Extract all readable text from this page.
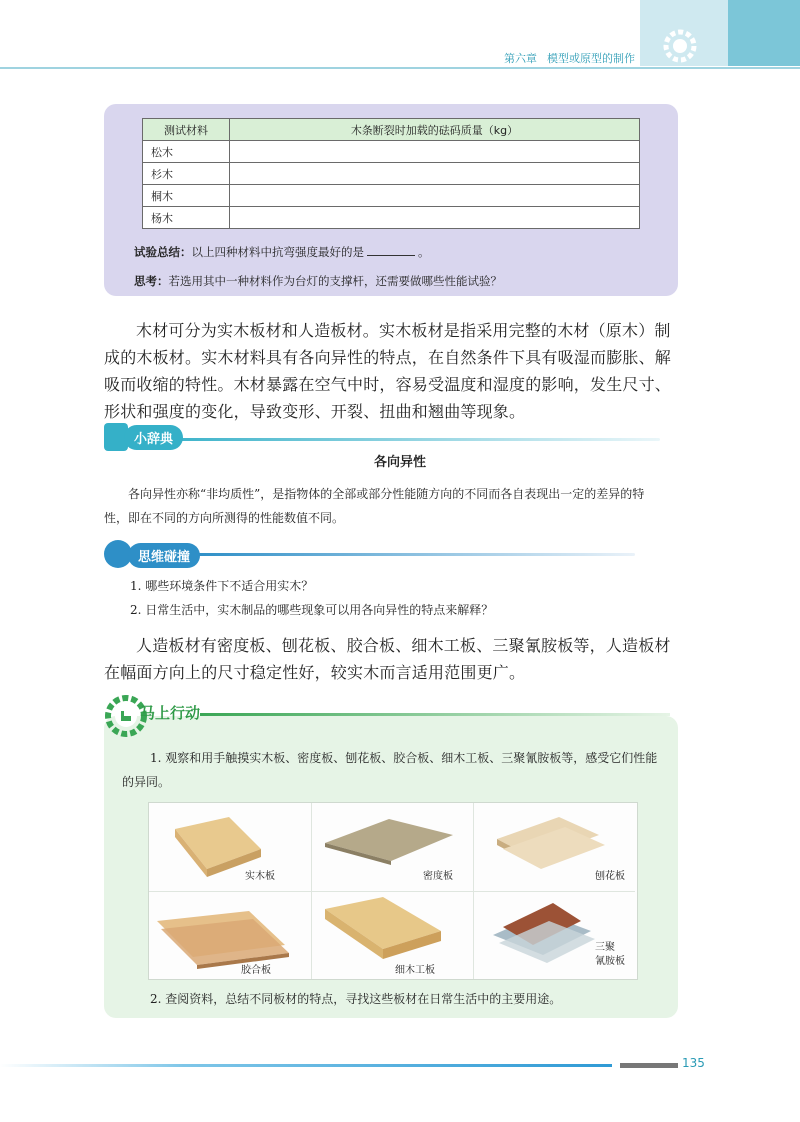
第六章 模型或原型的制作
测试材料	木条断裂时加载的砝码质量（kg）
松木	
杉木	
桐木	
杨木	
试验总结：以上四种材料中抗弯强度最好的是	。
思考：若选用其中一种材料作为台灯的支撑杆，还需要做哪些性能试验？
木材可分为实木板材和人造板材。实木板材是指采用完整的木材（原木）制成的木板材。实木材料具有各向异性的特点，在自然条件下具有吸湿而膨胀、解吸而收缩的特性。木材暴露在空气中时，容易受温度和湿度的影响，发生尺寸、形状和强度的变化，导致变形、开裂、扭曲和翘曲等现象。
小辞典
各向异性
各向异性亦称“非均质性”，是指物体的全部或部分性能随方向的不同而各自表现出一定的差异的特性，即在不同的方向所测得的性能数值不同。
思维碰撞
1. 哪些环境条件下不适合用实木？
2. 日常生活中，实木制品的哪些现象可以用各向异性的特点来解释？
人造板材有密度板、刨花板、胶合板、细木工板、三聚氰胺板等，人造板材在幅面方向上的尺寸稳定性好，较实木而言适用范围更广。
马上行动
1. 观察和用手触摸实木板、密度板、刨花板、胶合板、细木工板、三聚氰胺板等，感受它们性能的异同。
实木板	密度板	刨花板
胶合板	细木工板
三聚
氰胺板
2. 查阅资料，总结不同板材的特点，寻找这些板材在日常生活中的主要用途。
135
